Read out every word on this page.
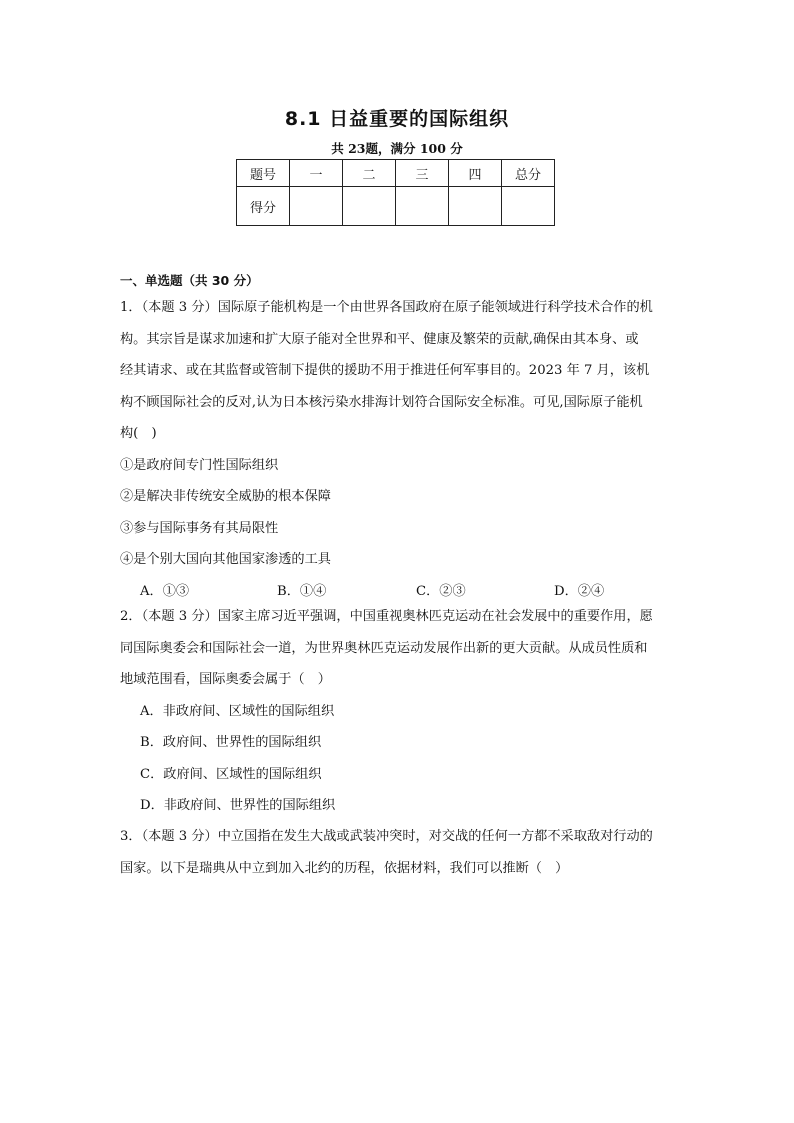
8.1 日益重要的国际组织
共 23题，满分 100 分
题号	一	二	三	四	总分
得分					
一、单选题（共 30 分）
1．（本题 3 分）国际原子能机构是一个由世界各国政府在原子能领域进行科学技术合作的机
构。其宗旨是谋求加速和扩大原子能对全世界和平、健康及繁荣的贡献,确保由其本身、或
经其请求、或在其监督或管制下提供的援助不用于推进任何军事目的。2023 年 7 月，该机
构不顾国际社会的反对,认为日本核污染水排海计划符合国际安全标准。可见,国际原子能机
构(　)
①是政府间专门性国际组织
②是解决非传统安全威胁的根本保障
③参与国际事务有其局限性
④是个别大国向其他国家渗透的工具
A．①③	B．①④	C．②③	D．②④
2．（本题 3 分）国家主席习近平强调，中国重视奥林匹克运动在社会发展中的重要作用，愿
同国际奥委会和国际社会一道，为世界奥林匹克运动发展作出新的更大贡献。从成员性质和
地域范围看，国际奥委会属于（　）
A．非政府间、区域性的国际组织
B．政府间、世界性的国际组织
C．政府间、区域性的国际组织
D．非政府间、世界性的国际组织
3．（本题 3 分）中立国指在发生大战或武装冲突时，对交战的任何一方都不采取敌对行动的
国家。以下是瑞典从中立到加入北约的历程，依据材料，我们可以推断（　）
